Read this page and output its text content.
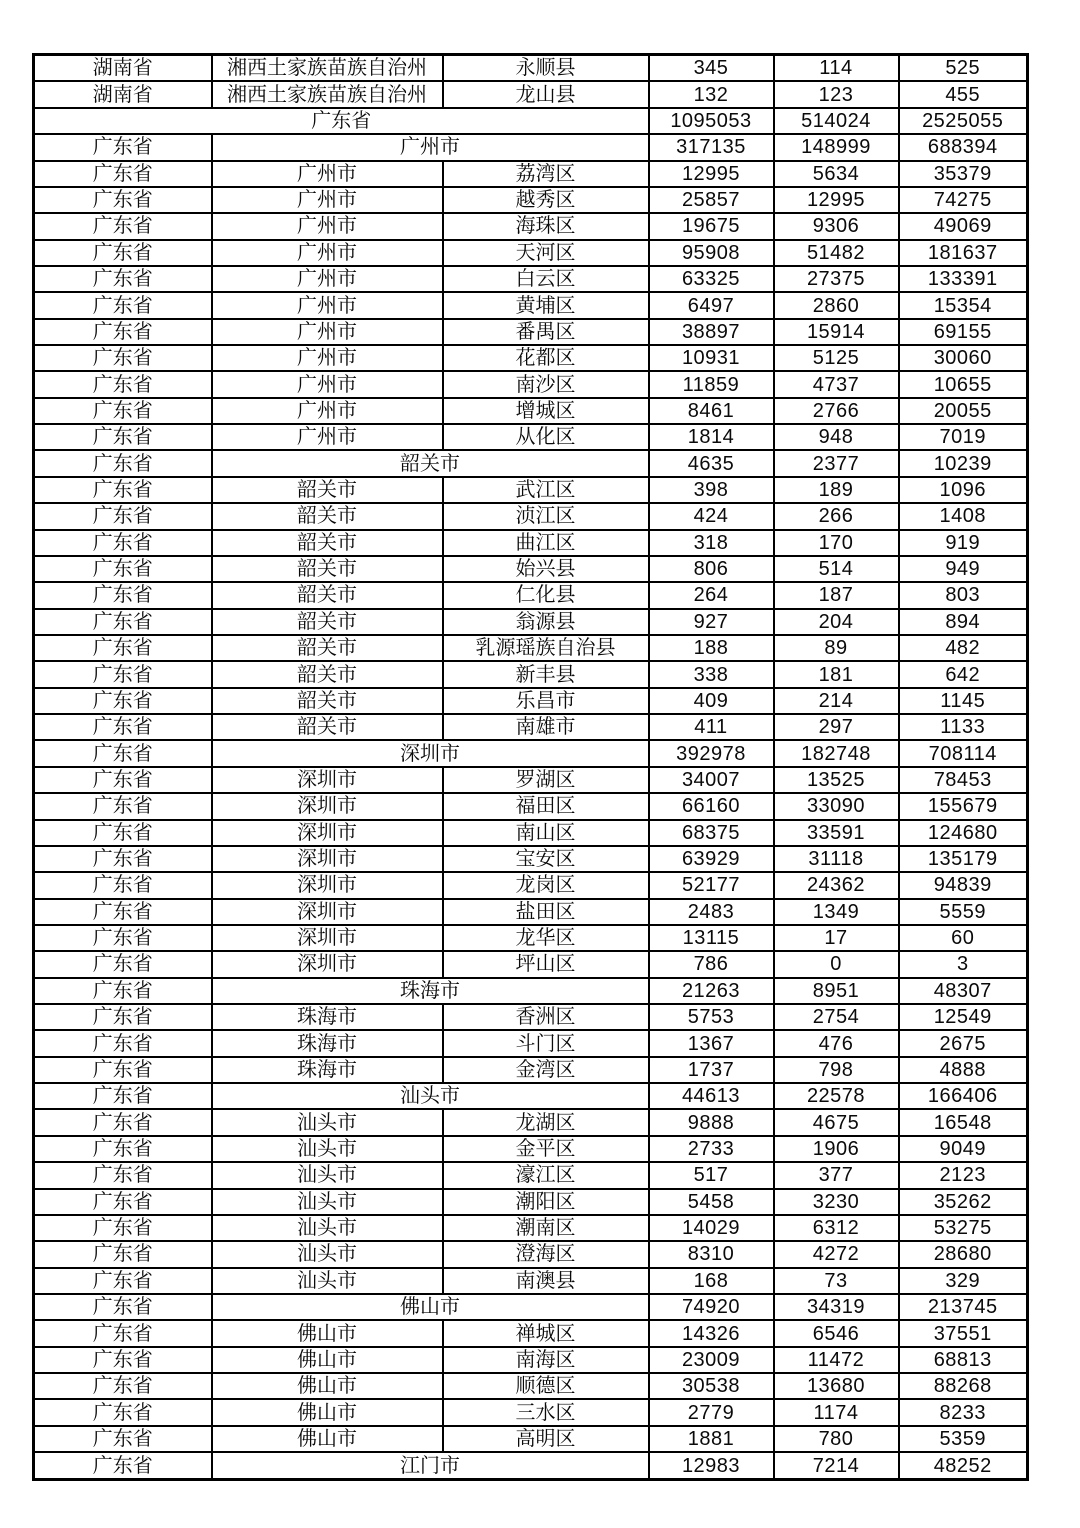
湖南省	湘西土家族苗族自治州	永顺县	345	114	525
湖南省	湘西土家族苗族自治州	龙山县	132	123	455
广东省			1095053	514024	2525055
广东省	广州市		317135	148999	688394
广东省	广州市	荔湾区	12995	5634	35379
广东省	广州市	越秀区	25857	12995	74275
广东省	广州市	海珠区	19675	9306	49069
广东省	广州市	天河区	95908	51482	181637
广东省	广州市	白云区	63325	27375	133391
广东省	广州市	黄埔区	6497	2860	15354
广东省	广州市	番禺区	38897	15914	69155
广东省	广州市	花都区	10931	5125	30060
广东省	广州市	南沙区	11859	4737	10655
广东省	广州市	增城区	8461	2766	20055
广东省	广州市	从化区	1814	948	7019
广东省	韶关市		4635	2377	10239
广东省	韶关市	武江区	398	189	1096
广东省	韶关市	浈江区	424	266	1408
广东省	韶关市	曲江区	318	170	919
广东省	韶关市	始兴县	806	514	949
广东省	韶关市	仁化县	264	187	803
广东省	韶关市	翁源县	927	204	894
广东省	韶关市	乳源瑶族自治县	188	89	482
广东省	韶关市	新丰县	338	181	642
广东省	韶关市	乐昌市	409	214	1145
广东省	韶关市	南雄市	411	297	1133
广东省	深圳市		392978	182748	708114
广东省	深圳市	罗湖区	34007	13525	78453
广东省	深圳市	福田区	66160	33090	155679
广东省	深圳市	南山区	68375	33591	124680
广东省	深圳市	宝安区	63929	31118	135179
广东省	深圳市	龙岗区	52177	24362	94839
广东省	深圳市	盐田区	2483	1349	5559
广东省	深圳市	龙华区	13115	17	60
广东省	深圳市	坪山区	786	0	3
广东省	珠海市		21263	8951	48307
广东省	珠海市	香洲区	5753	2754	12549
广东省	珠海市	斗门区	1367	476	2675
广东省	珠海市	金湾区	1737	798	4888
广东省	汕头市		44613	22578	166406
广东省	汕头市	龙湖区	9888	4675	16548
广东省	汕头市	金平区	2733	1906	9049
广东省	汕头市	濠江区	517	377	2123
广东省	汕头市	潮阳区	5458	3230	35262
广东省	汕头市	潮南区	14029	6312	53275
广东省	汕头市	澄海区	8310	4272	28680
广东省	汕头市	南澳县	168	73	329
广东省	佛山市		74920	34319	213745
广东省	佛山市	禅城区	14326	6546	37551
广东省	佛山市	南海区	23009	11472	68813
广东省	佛山市	顺德区	30538	13680	88268
广东省	佛山市	三水区	2779	1174	8233
广东省	佛山市	高明区	1881	780	5359
广东省	江门市		12983	7214	48252
